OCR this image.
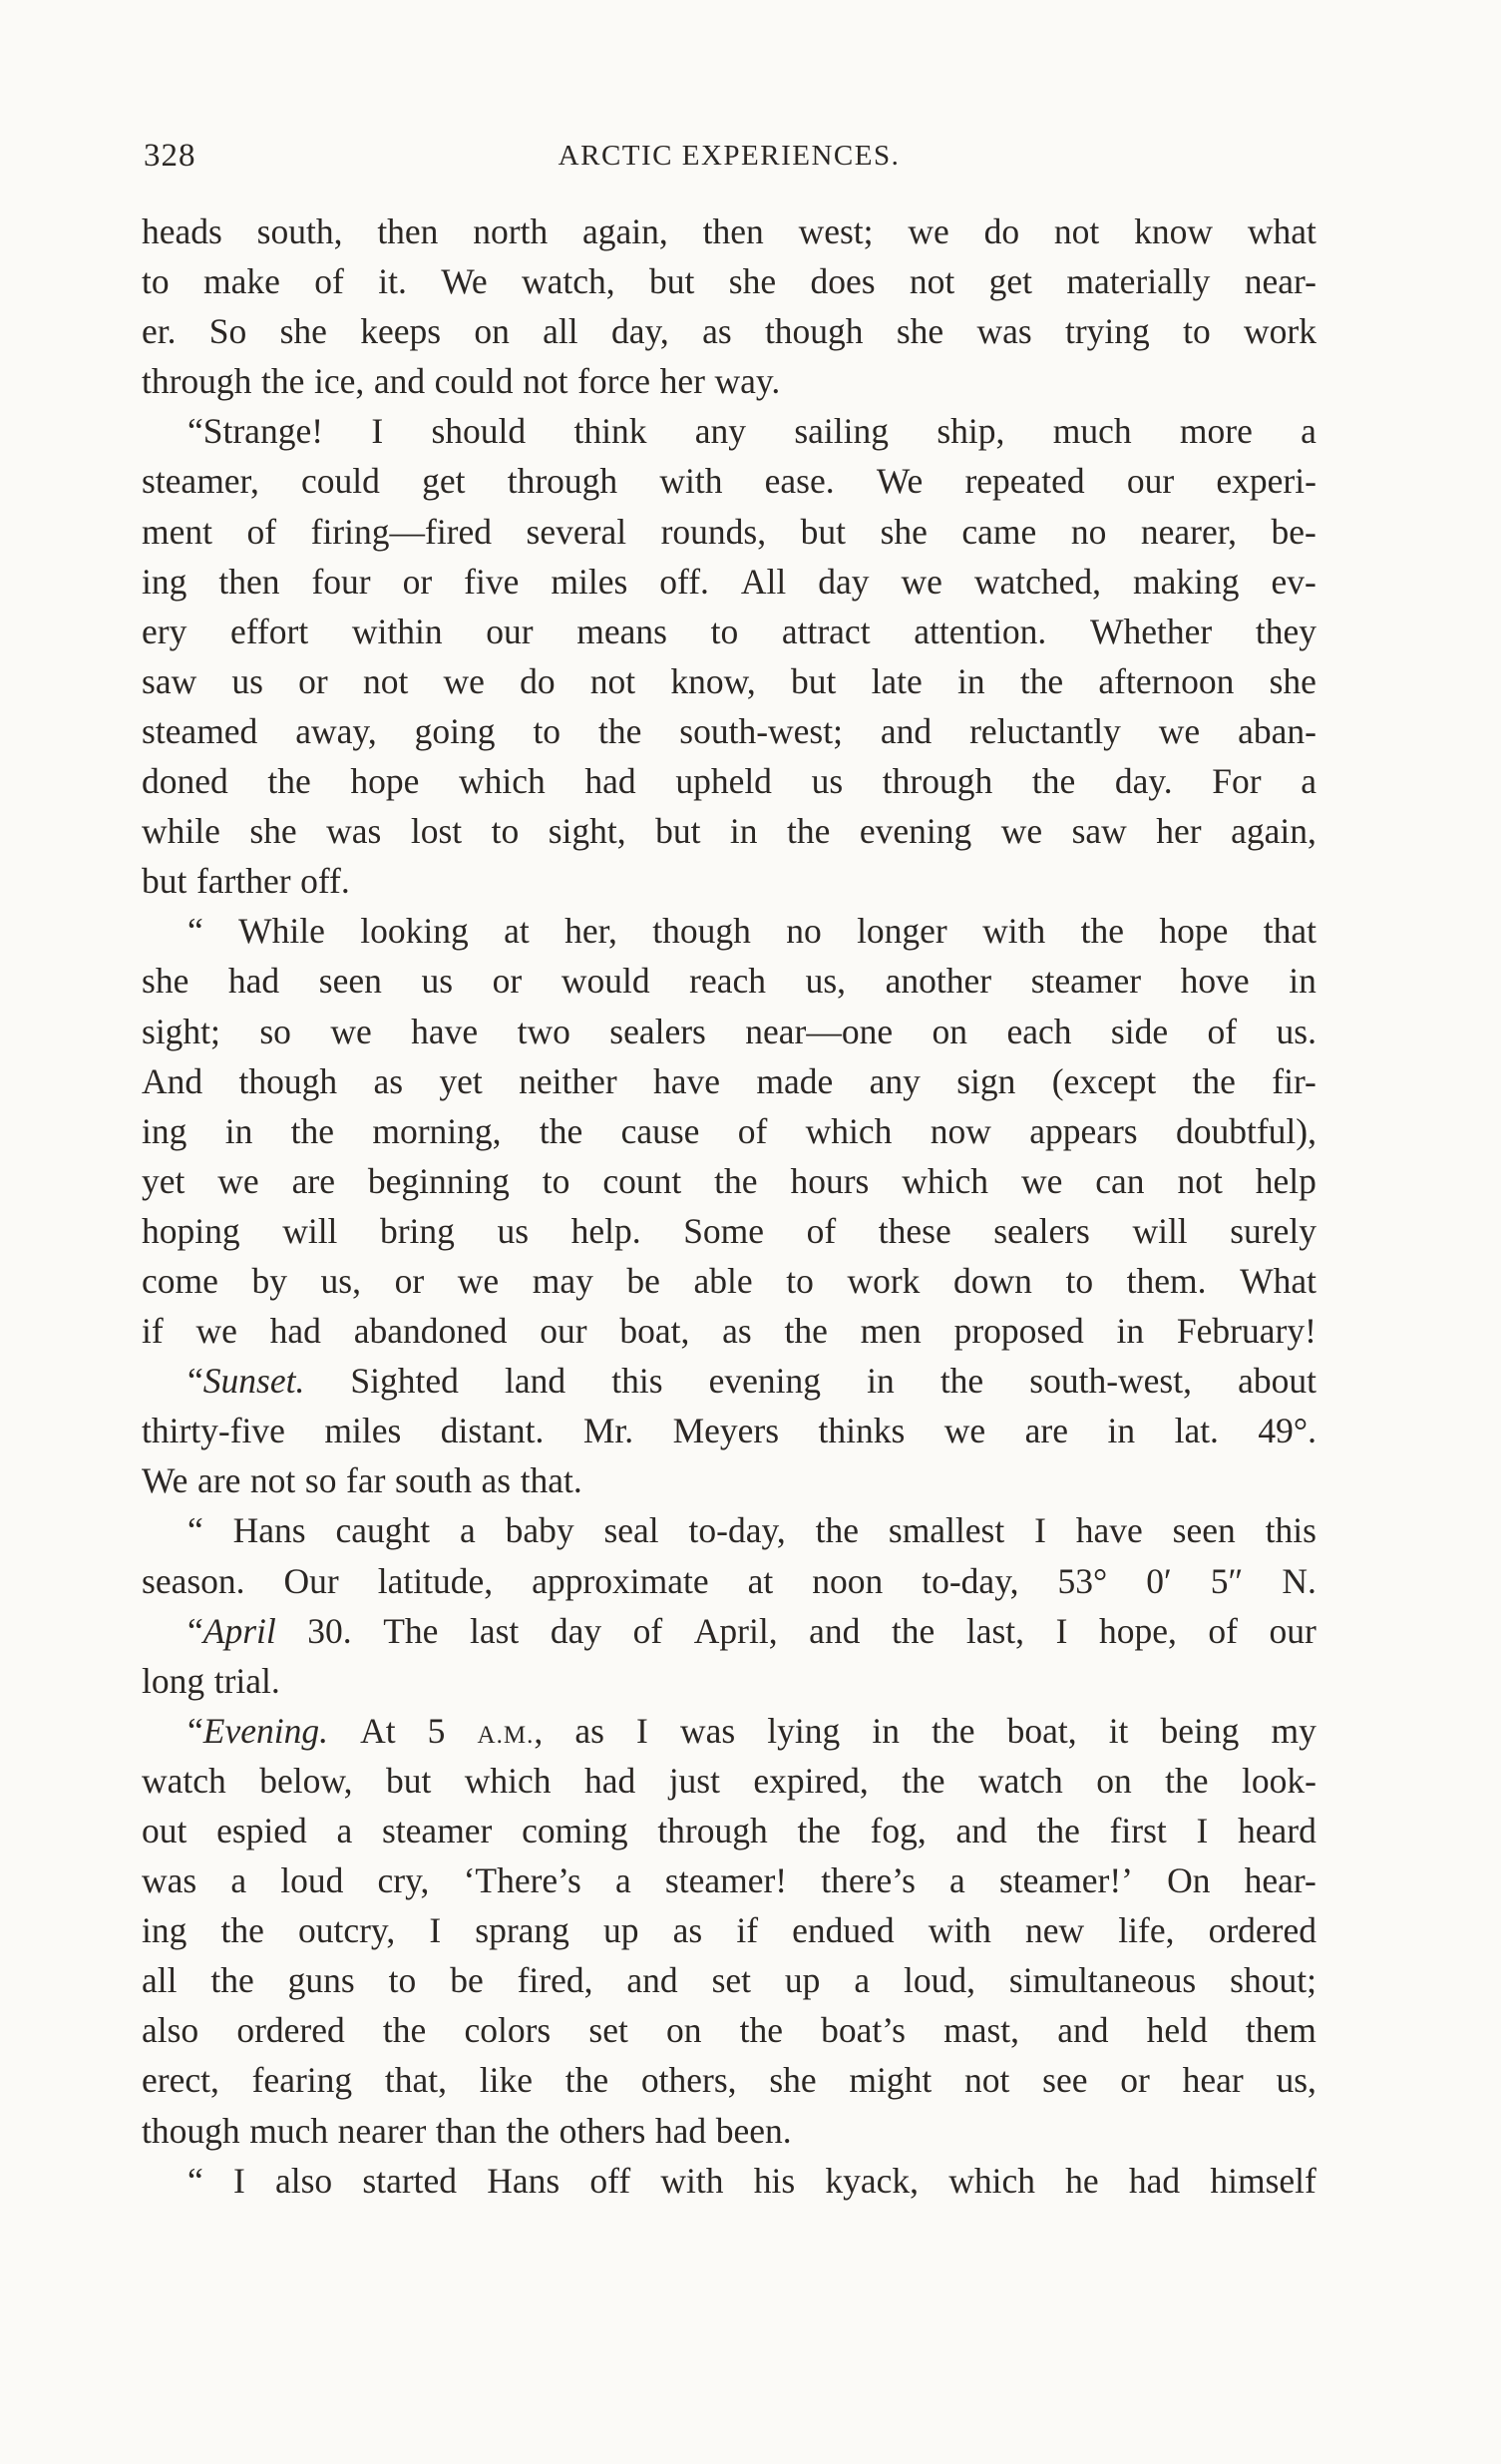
328	ARCTIC EXPERIENCES.
heads south, then north again, then west; we do not know what
to make of it. We watch, but she does not get materially near-
er. So she keeps on all day, as though she was trying to work
through the ice, and could not force her way.
“Strange! I should think any sailing ship, much more a
steamer, could get through with ease. We repeated our experi-
ment of firing—fired several rounds, but she came no nearer, be-
ing then four or five miles off. All day we watched, making ev-
ery effort within our means to attract attention. Whether they
saw us or not we do not know, but late in the afternoon she
steamed away, going to the south-west; and reluctantly we aban-
doned the hope which had upheld us through the day. For a
while she was lost to sight, but in the evening we saw her again,
but farther off.
“ While looking at her, though no longer with the hope that
she had seen us or would reach us, another steamer hove in
sight; so we have two sealers near—one on each side of us.
And though as yet neither have made any sign (except the fir-
ing in the morning, the cause of which now appears doubtful),
yet we are beginning to count the hours which we can not help
hoping will bring us help. Some of these sealers will surely
come by us, or we may be able to work down to them. What
if we had abandoned our boat, as the men proposed in February!
“Sunset. Sighted land this evening in the south-west, about
thirty-five miles distant. Mr. Meyers thinks we are in lat. 49°.
We are not so far south as that.
“ Hans caught a baby seal to-day, the smallest I have seen this
season. Our latitude, approximate at noon to-day, 53° 0′ 5″ N.
“April 30. The last day of April, and the last, I hope, of our
long trial.
“Evening. At 5 A.M., as I was lying in the boat, it being my
watch below, but which had just expired, the watch on the look-
out espied a steamer coming through the fog, and the first I heard
was a loud cry, ‘There’s a steamer! there’s a steamer!’ On hear-
ing the outcry, I sprang up as if endued with new life, ordered
all the guns to be fired, and set up a loud, simultaneous shout;
also ordered the colors set on the boat’s mast, and held them
erect, fearing that, like the others, she might not see or hear us,
though much nearer than the others had been.
“ I also started Hans off with his kyack, which he had himself
